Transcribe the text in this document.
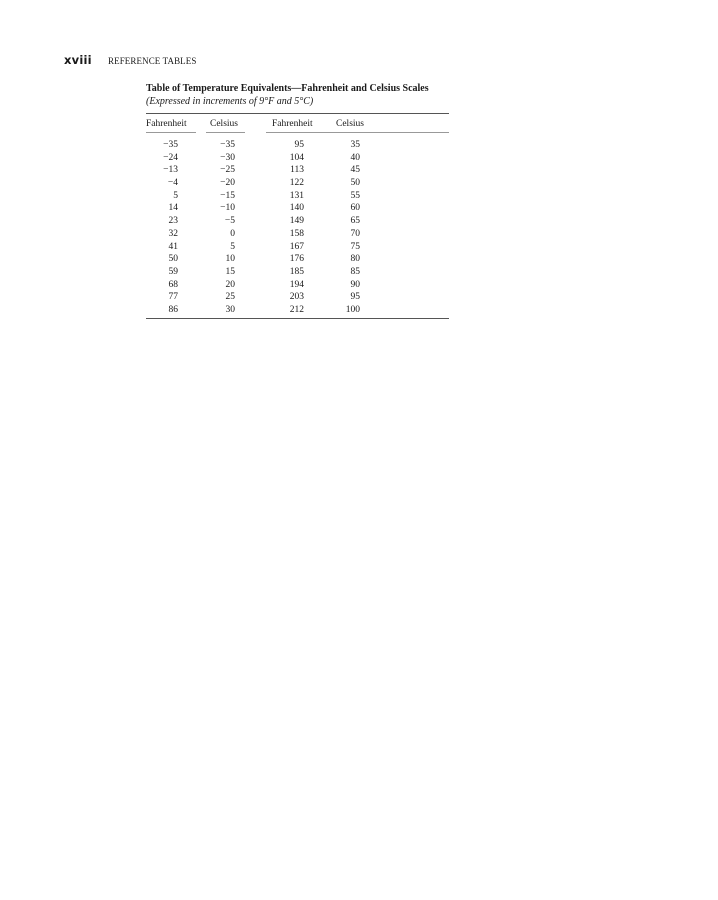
xviii	REFERENCE TABLES
Table of Temperature Equivalents—Fahrenheit and Celsius Scales
(Expressed in increments of 9°F and 5°C)
Fahrenheit Celsius	Fahrenheit Celsius
−35	−35	95	35
−24	−30	104	40
−13	−25	113	45
−4	−20	122	50
5	−15	131	55
14	−10	140	60
23	−5	149	65
32	0	158	70
41	5	167	75
50	10	176	80
59	15	185	85
68	20	194	90
77	25	203	95
86	30	212	100
